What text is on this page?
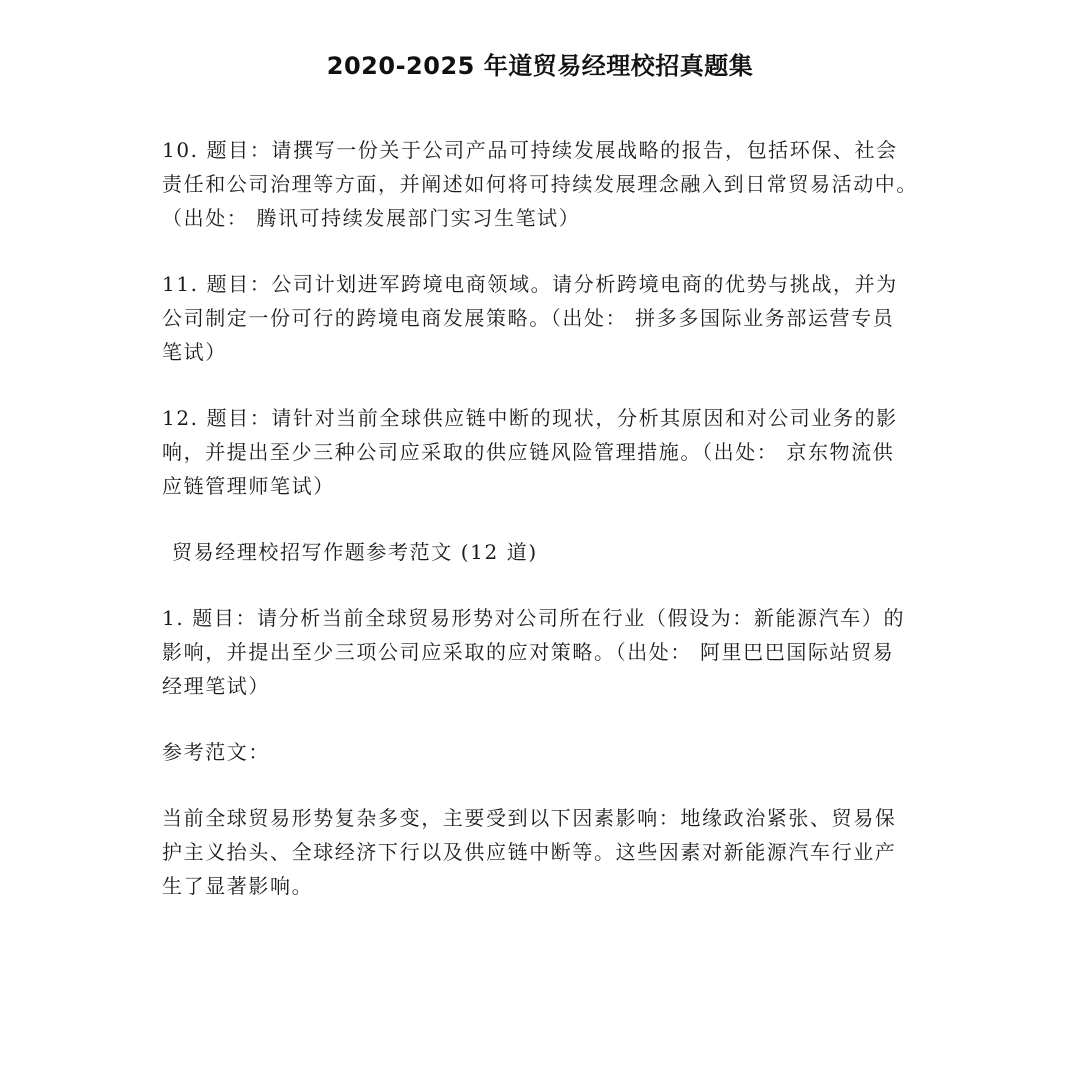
2020-2025 年道贸易经理校招真题集

10. 题目：请撰写一份关于公司产品可持续发展战略的报告，包括环保、社会
责任和公司治理等方面，并阐述如何将可持续发展理念融入到日常贸易活动中。
（出处： 腾讯可持续发展部门实习生笔试）

11. 题目：公司计划进军跨境电商领域。请分析跨境电商的优势与挑战，并为
公司制定一份可行的跨境电商发展策略。（出处： 拼多多国际业务部运营专员
笔试）

12. 题目：请针对当前全球供应链中断的现状，分析其原因和对公司业务的影
响，并提出至少三种公司应采取的供应链风险管理措施。（出处： 京东物流供
应链管理师笔试）

贸易经理校招写作题参考范文 (12 道)

1. 题目：请分析当前全球贸易形势对公司所在行业（假设为：新能源汽车）的
影响，并提出至少三项公司应采取的应对策略。（出处： 阿里巴巴国际站贸易
经理笔试）

参考范文：

当前全球贸易形势复杂多变，主要受到以下因素影响：地缘政治紧张、贸易保
护主义抬头、全球经济下行以及供应链中断等。这些因素对新能源汽车行业产
生了显著影响。
